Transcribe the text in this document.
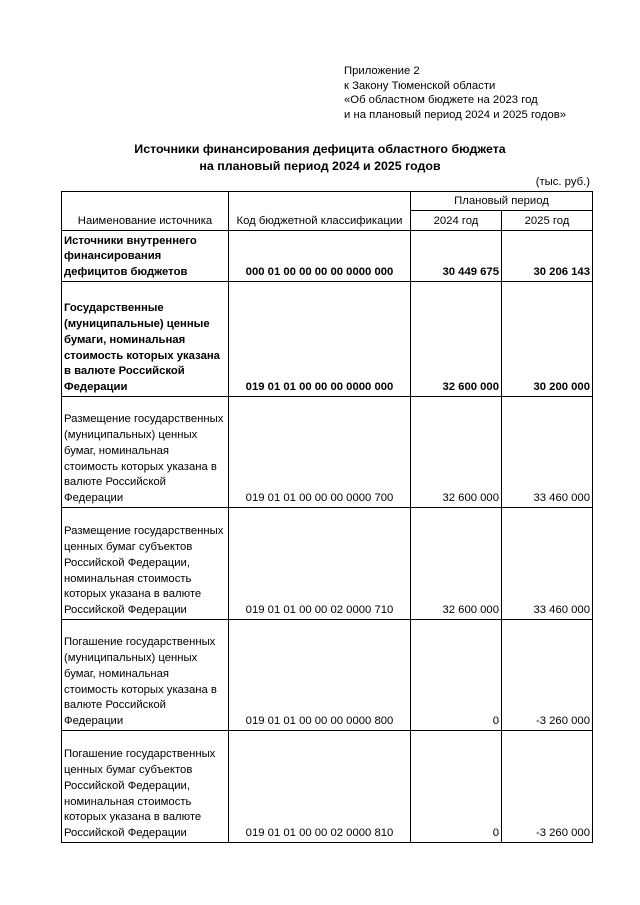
Приложение 2
к Закону Тюменской области
«Об областном бюджете на 2023 год
и на плановый период 2024 и 2025 годов»
Источники финансирования дефицита областного бюджета
на плановый период 2024 и 2025 годов
(тыс. руб.)
Наименование источника	Код бюджетной классификации	Плановый период	
		2024 год	2025 год
Источники внутреннего финансирования дефицитов бюджетов	000 01 00 00 00 00 0000 000	30 449 675	30 206 143
Государственные (муниципальные) ценные бумаги, номинальная стоимость которых указана в валюте Российской Федерации	019 01 01 00 00 00 0000 000	32 600 000	30 200 000
Размещение государственных (муниципальных) ценных бумаг, номинальная стоимость которых указана в валюте Российской Федерации	019 01 01 00 00 00 0000 700	32 600 000	33 460 000
Размещение государственных ценных бумаг субъектов Российской Федерации, номинальная стоимость которых указана в валюте Российской Федерации	019 01 01 00 00 02 0000 710	32 600 000	33 460 000
Погашение государственных (муниципальных) ценных бумаг, номинальная стоимость которых указана в валюте Российской Федерации	019 01 01 00 00 00 0000 800	0	-3 260 000
Погашение государственных ценных бумаг субъектов Российской Федерации, номинальная стоимость которых указана в валюте Российской Федерации	019 01 01 00 00 02 0000 810	0	-3 260 000
